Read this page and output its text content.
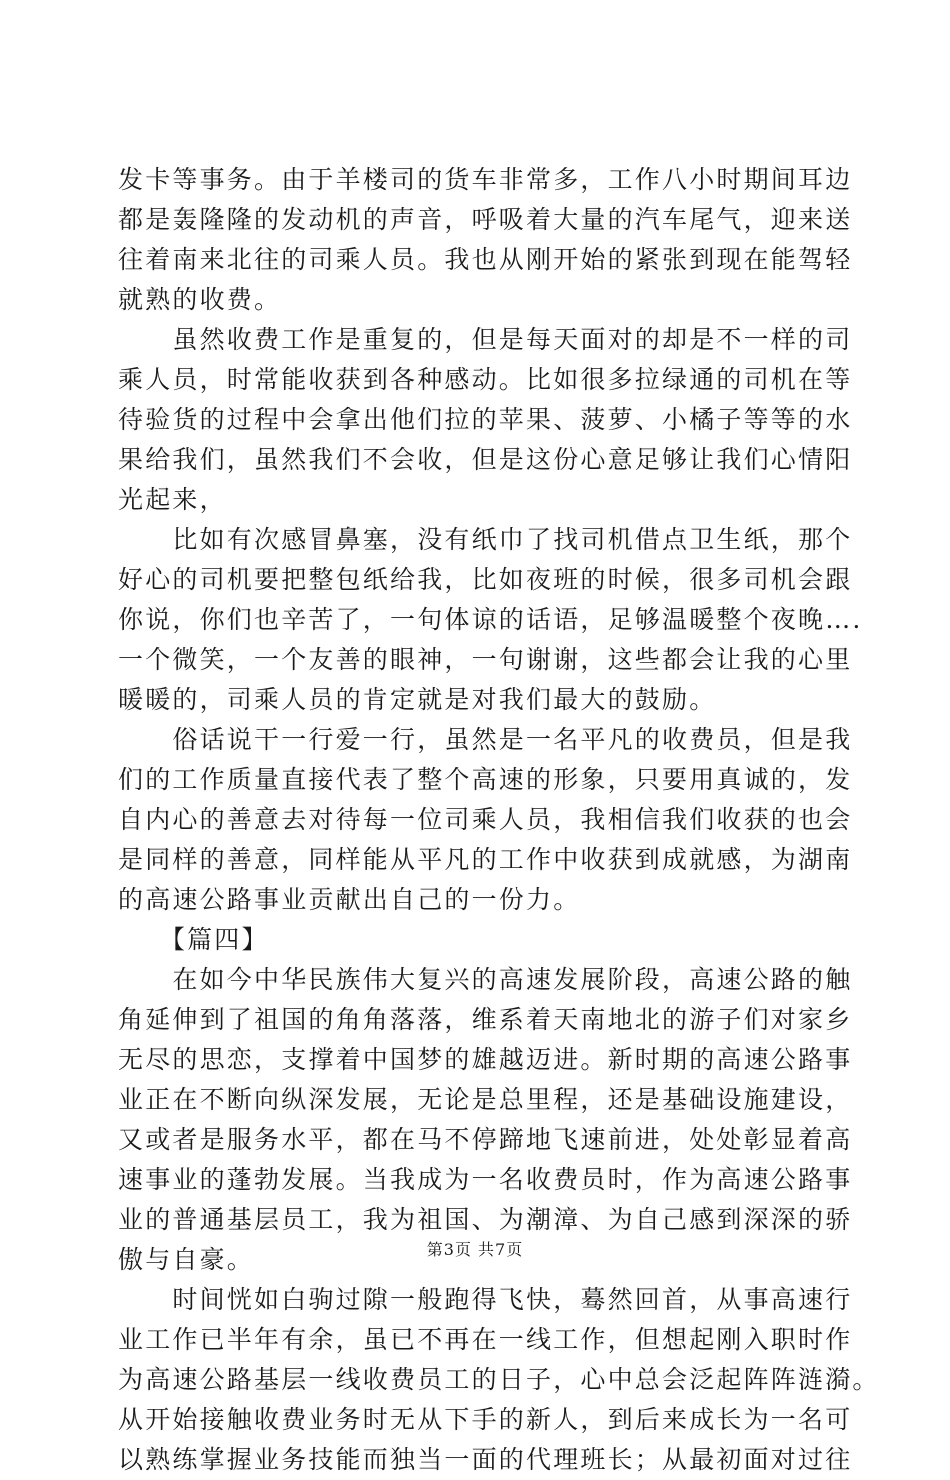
发卡等事务。由于羊楼司的货车非常多，工作八小时期间耳边
都是轰隆隆的发动机的声音，呼吸着大量的汽车尾气，迎来送
往着南来北往的司乘人员。我也从刚开始的紧张到现在能驾轻
就熟的收费。
　　虽然收费工作是重复的，但是每天面对的却是不一样的司
乘人员，时常能收获到各种感动。比如很多拉绿通的司机在等
待验货的过程中会拿出他们拉的苹果、菠萝、小橘子等等的水
果给我们，虽然我们不会收，但是这份心意足够让我们心情阳
光起来，
　　比如有次感冒鼻塞，没有纸巾了找司机借点卫生纸，那个
好心的司机要把整包纸给我，比如夜班的时候，很多司机会跟
你说，你们也辛苦了，一句体谅的话语，足够温暖整个夜晚….
一个微笑，一个友善的眼神，一句谢谢，这些都会让我的心里
暖暖的，司乘人员的肯定就是对我们最大的鼓励。
　　俗话说干一行爱一行，虽然是一名平凡的收费员，但是我
们的工作质量直接代表了整个高速的形象，只要用真诚的，发
自内心的善意去对待每一位司乘人员，我相信我们收获的也会
是同样的善意，同样能从平凡的工作中收获到成就感，为湖南
的高速公路事业贡献出自己的一份力。
　　【篇四】
　　在如今中华民族伟大复兴的高速发展阶段，高速公路的触
角延伸到了祖国的角角落落，维系着天南地北的游子们对家乡
无尽的思恋，支撑着中国梦的雄越迈进。新时期的高速公路事
业正在不断向纵深发展，无论是总里程，还是基础设施建设，
又或者是服务水平，都在马不停蹄地飞速前进，处处彰显着高
速事业的蓬勃发展。当我成为一名收费员时，作为高速公路事
业的普通基层员工，我为祖国、为潮漳、为自己感到深深的骄
傲与自豪。
　　时间恍如白驹过隙一般跑得飞快，蓦然回首，从事高速行
业工作已半年有余，虽已不再在一线工作，但想起刚入职时作
为高速公路基层一线收费员工的日子，心中总会泛起阵阵涟漪。
从开始接触收费业务时无从下手的新人，到后来成长为一名可
以熟练掌握业务技能而独当一面的代理班长；从最初面对过往
第3页 共7页
